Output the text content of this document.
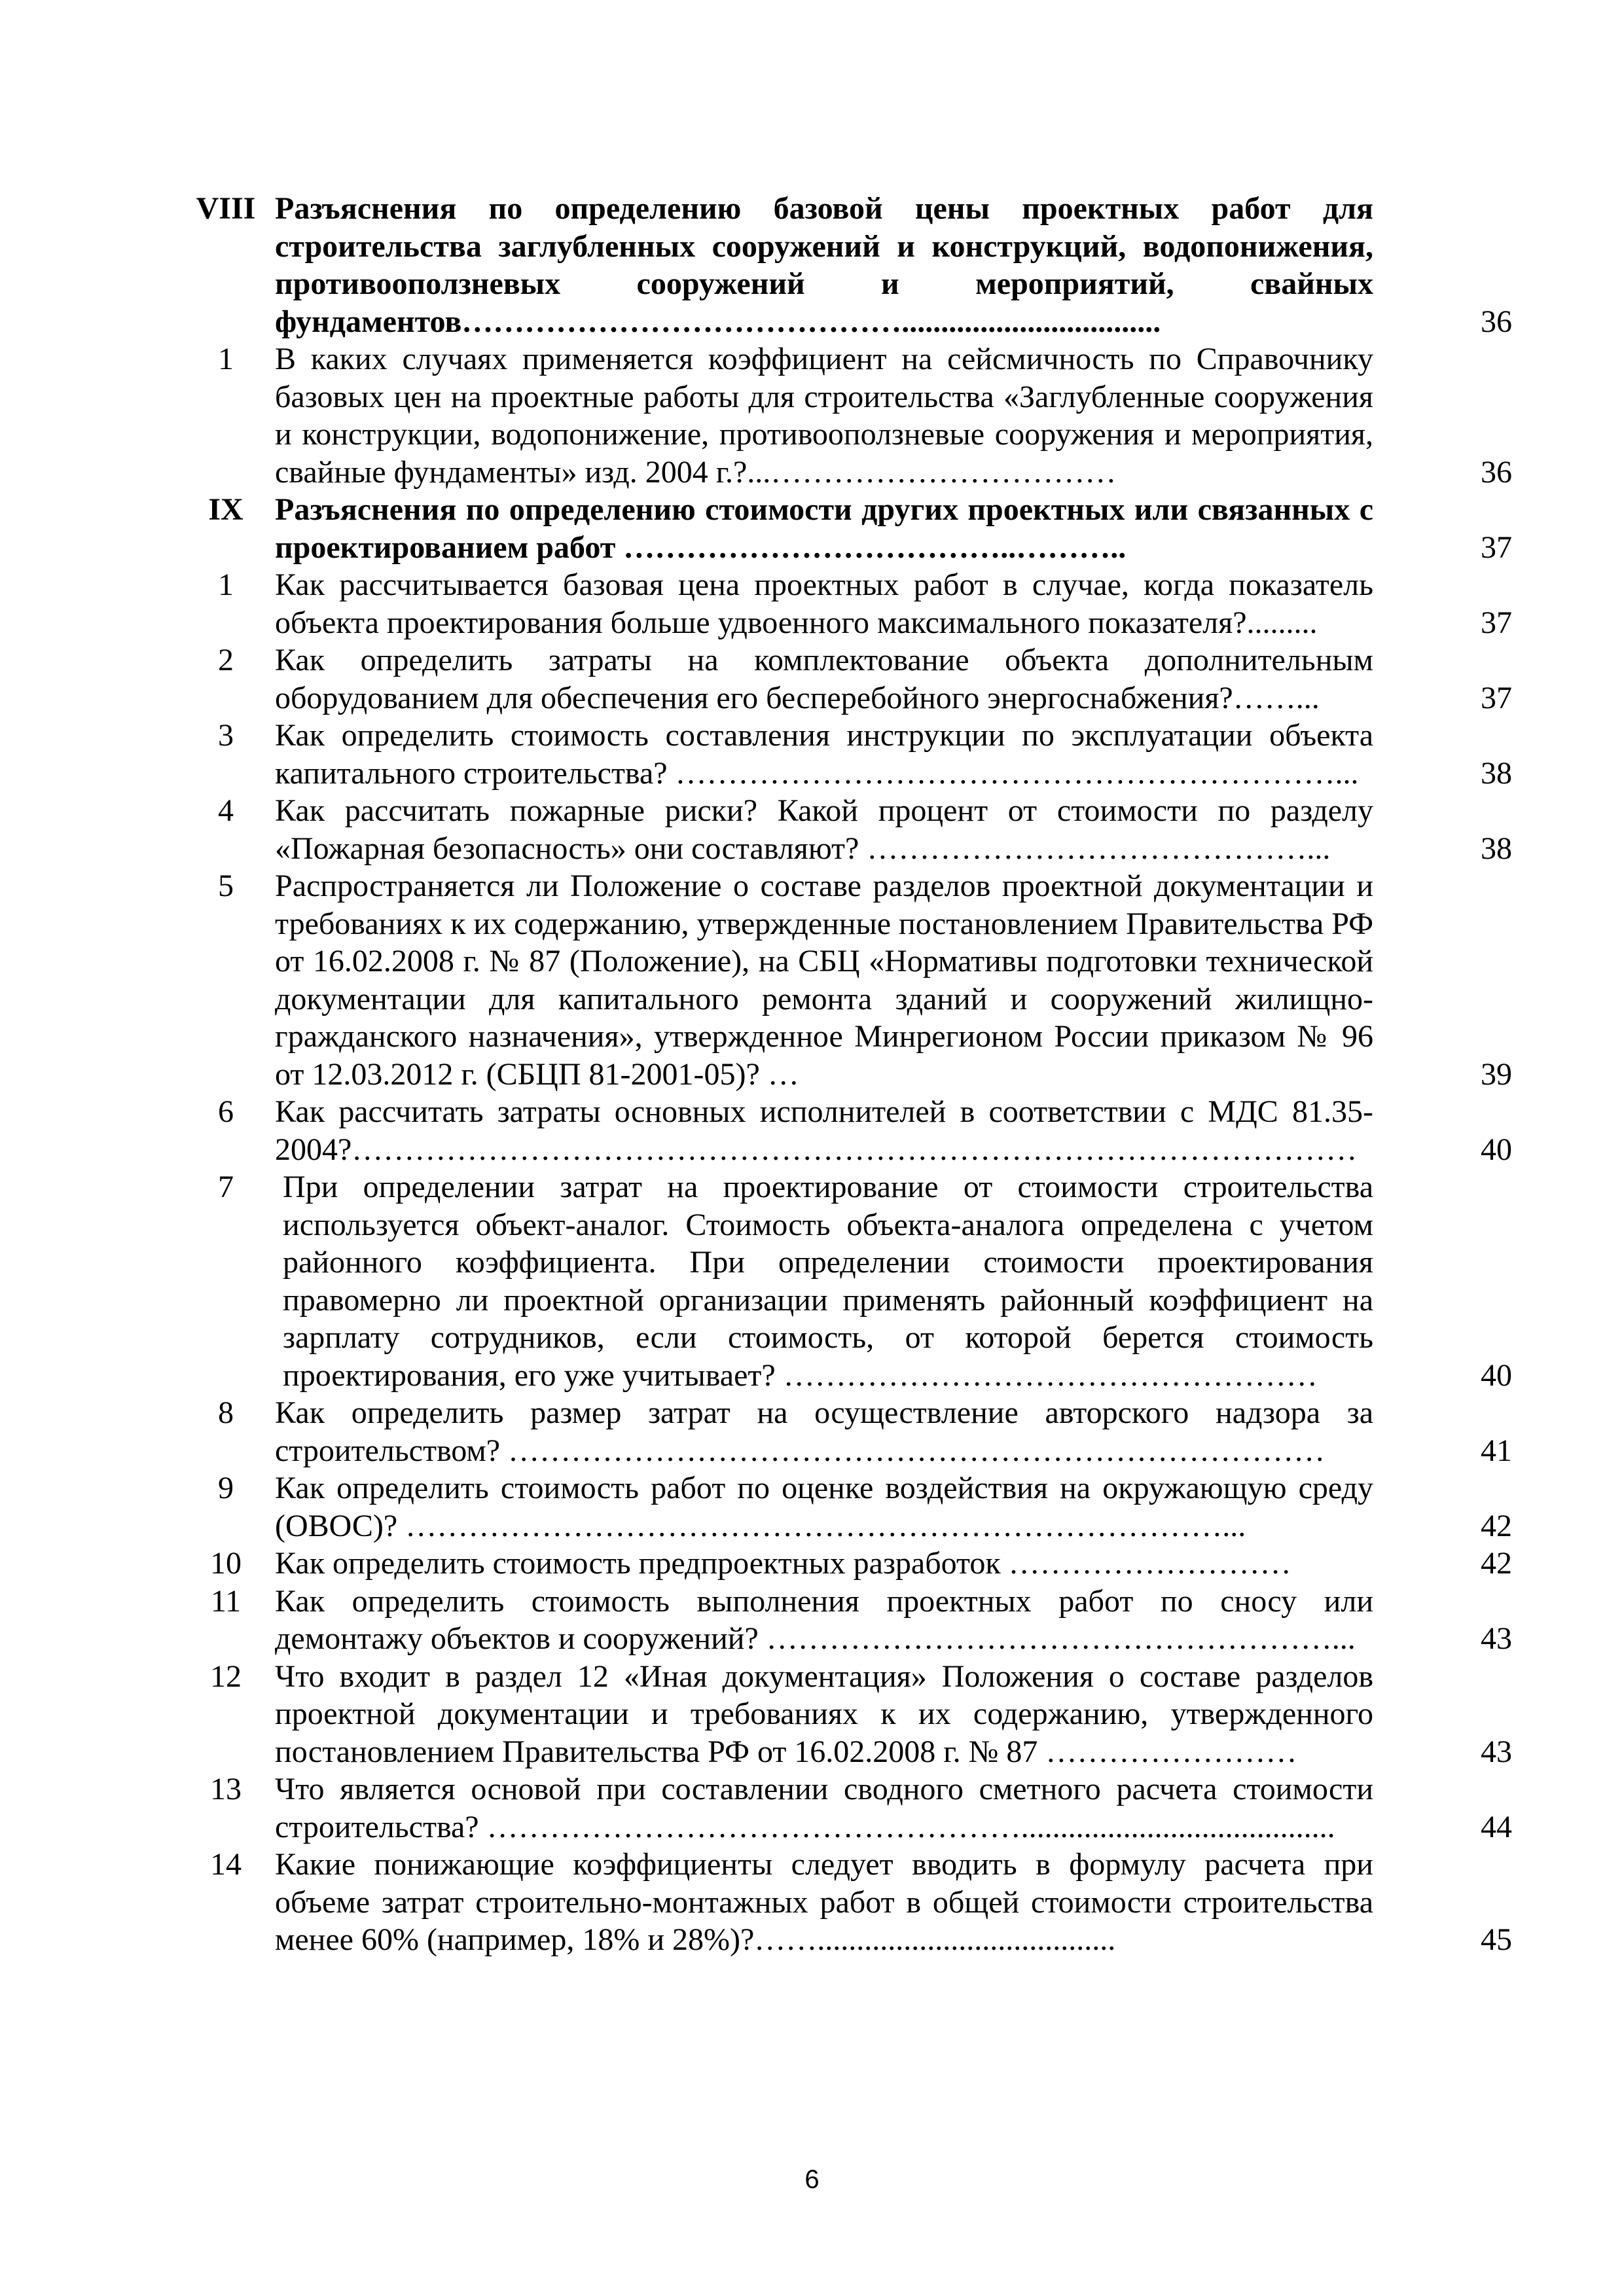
VIII Разъяснения по определению базовой цены проектных работ для строительства заглубленных сооружений и конструкций, водопонижения, противооползневых сооружений и мероприятий, свайных фундаментов…………………………………….................................	36
1	В каких случаях применяется коэффициент на сейсмичность по Справочнику базовых цен на проектные работы для строительства «Заглубленные сооружения и конструкции, водопонижение, противооползневые сооружения и мероприятия, свайные фундаменты» изд. 2004 г.?...……………………………	36
IX	Разъяснения по определению стоимости других проектных или связанных с проектированием работ ………………………………..………..	37
1	Как рассчитывается базовая цена проектных работ в случае, когда показатель объекта проектирования больше удвоенного максимального показателя?.........	37
2	Как определить затраты на комплектование объекта дополнительным оборудованием для обеспечения его бесперебойного энергоснабжения?……...	37
3	Как определить стоимость составления инструкции по эксплуатации объекта капитального строительства? ………………………………………………………...	38
4	Как рассчитать пожарные риски? Какой процент от стоимости по разделу «Пожарная безопасность» они составляют? ……………………………………...	38
5	Распространяется ли Положение о составе разделов проектной документации и требованиях к их содержанию, утвержденные постановлением Правительства РФ от 16.02.2008 г. № 87 (Положение), на СБЦ «Нормативы подготовки технической документации для капитального ремонта зданий и сооружений жилищно-гражданского назначения», утвержденное Минрегионом России приказом № 96 от 12.03.2012 г. (СБЦП 81-2001-05)? …	39
6	Как рассчитать затраты основных исполнителей в соответствии с МДС 81.35-2004?……………………………………………………………………………………	40
7	При определении затрат на проектирование от стоимости строительства используется объект-аналог. Стоимость объекта-аналога определена с учетом районного коэффициента. При определении стоимости проектирования правомерно ли проектной организации применять районный коэффициент на зарплату сотрудников, если стоимость, от которой берется стоимость проектирования, его уже учитывает? ……………………………………………	40
8	Как определить размер затрат на осуществление авторского надзора за строительством? ……………………………………………………………………	41
9	Как определить стоимость работ по оценке воздействия на окружающую среду (ОВОС)? ……………………………………………………………………...	42
10	Как определить стоимость предпроектных разработок ………………………	42
11	Как определить стоимость выполнения проектных работ по сносу или демонтажу объектов и сооружений? ………………………………………………...	43
12	Что входит в раздел 12 «Иная документация» Положения о составе разделов проектной документации и требованиях к их содержанию, утвержденного постановлением Правительства РФ от 16.02.2008 г. № 87 ……………………	43
13	Что является основой при составлении сводного сметного расчета стоимости строительства? ……………………………………………........................................	44
14	Какие понижающие коэффициенты следует вводить в формулу расчета при объеме затрат строительно-монтажных работ в общей стоимости строительства менее 60% (например, 18% и 28%)?……......................................	45
6
